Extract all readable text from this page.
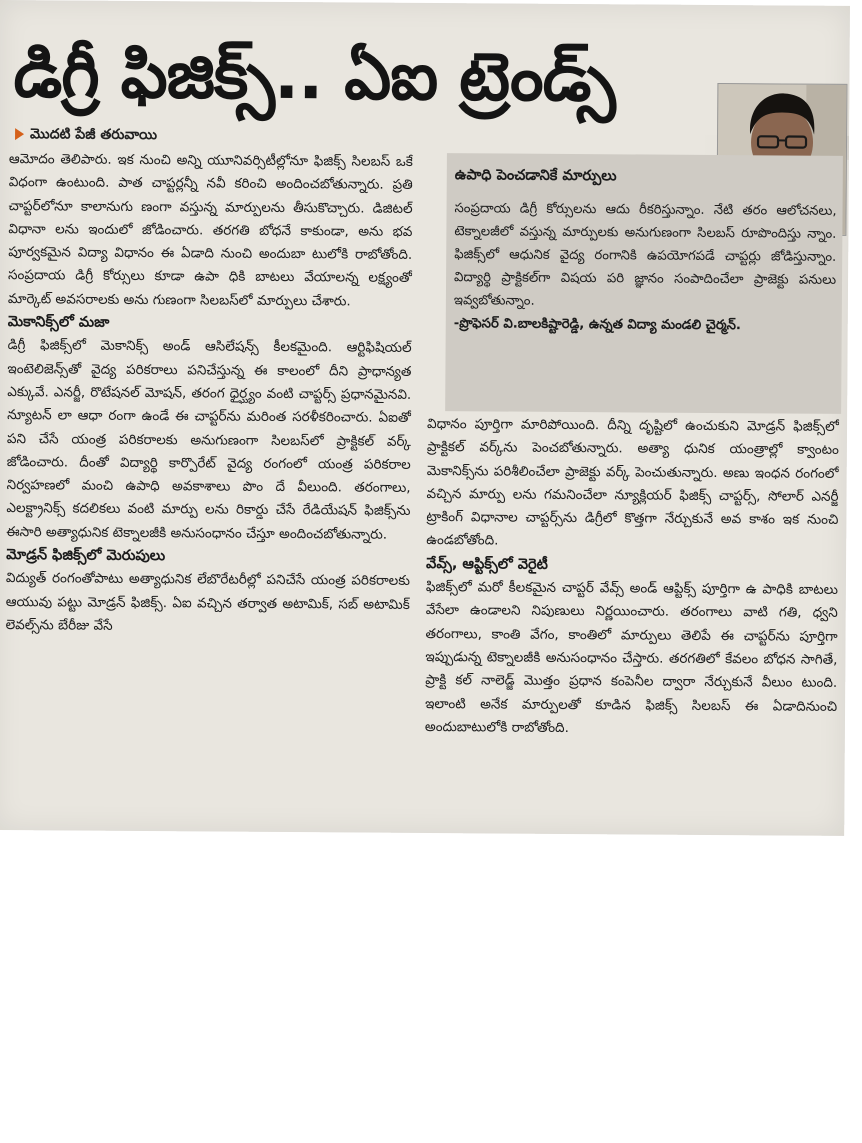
డిగ్రీ ఫిజిక్స్.. ఏఐ ట్రెండ్స్
మొదటి పేజీ తరువాయి

ఆమోదం తెలిపారు. ఇక నుంచి అన్ని యూనివర్సిటీల్లోనూ ఫిజిక్స్ సిలబస్ ఒకే విధంగా ఉంటుంది. పాత చాప్టర్లన్నీ నవీ కరించి అందించబోతున్నారు. ప్రతి చాప్టర్‌లోనూ కాలానుగు ణంగా వస్తున్న మార్పులను తీసుకొచ్చారు. డిజిటల్ విధానా లను ఇందులో జోడించారు. తరగతి బోధనే కాకుండా, అను భవ పూర్వకమైన విద్యా విధానం ఈ ఏడాది నుంచి అందుబా టులోకి రాబోతోంది. సంప్రదాయ డిగ్రీ కోర్సులు కూడా ఉపా ధికి బాటలు వేయాలన్న లక్ష్యంతో మార్కెట్ అవసరాలకు అను గుణంగా సిలబస్‌లో మార్పులు చేశారు.

మెకానిక్స్‌లో మజా

డిగ్రీ ఫిజిక్స్‌లో మెకానిక్స్ అండ్ ఆసిలేషన్స్ కీలకమైంది. ఆర్టిఫిషియల్ ఇంటెలిజెన్స్‌తో వైద్య పరికరాలు పనిచేస్తున్న ఈ కాలంలో దీని ప్రాధాన్యత ఎక్కువే. ఎనర్జీ, రొటేషనల్ మోషన్, తరంగ ధైర్ఘ్యం వంటి చాప్టర్స్ ప్రధానమైనవి. న్యూటన్ లా ఆధా రంగా ఉండే ఈ చాప్టర్‌ను మరింత సరళీకరించారు. ఏఐతో పని చేసే యంత్ర పరికరాలకు అనుగుణంగా సిలబస్‌లో ప్రాక్టికల్ వర్క్ జోడించారు. దీంతో విద్యార్థి కార్పొరేట్ వైద్య రంగంలో యంత్ర పరికరాల నిర్వహణలో మంచి ఉపాధి అవకాశాలు పొం దే వీలుంది. తరంగాలు, ఎలక్ట్రానిక్స్ కదలికలు వంటి మార్పు లను రికార్డు చేసే రేడియేషన్ ఫిజిక్స్‌ను ఈసారి అత్యాధునిక టెక్నాలజీకి అనుసంధానం చేస్తూ అందించబోతున్నారు.

మోడ్రన్ ఫిజిక్స్‌లో మెరుపులు

విద్యుత్ రంగంతోపాటు అత్యాధునిక లేబొరేటరీల్లో పనిచేసే యంత్ర పరికరాలకు ఆయువు పట్టు మోడ్రన్ ఫిజిక్స్. ఏఐ వచ్చిన తర్వాత అటామిక్, సబ్ అటామిక్ లెవల్స్‌ను బేరీజు వేసే

ఉపాధి పెంచడానికే మార్పులు
సంప్రదాయ డిగ్రీ కోర్సులను ఆదు రీకరిస్తున్నాం. నేటి తరం ఆలోచనలు, టెక్నాలజీలో వస్తున్న మార్పులకు అనుగుణంగా సిలబస్ రూపొందిస్తు న్నాం. ఫిజిక్స్‌లో ఆధునిక వైద్య రంగానికి ఉపయోగపడే చాప్టర్లు జోడిస్తున్నాం. విద్యార్థి ప్రాక్టికల్‌గా విషయ పరి జ్ఞానం సంపాదించేలా ప్రాజెక్టు పనులు ఇవ్వబోతున్నాం.
-ప్రొఫెసర్ వి.బాలకిష్టారెడ్డి, ఉన్నత విద్యా మండలి చైర్మన్.

విధానం పూర్తిగా మారిపోయింది. దీన్ని దృష్టిలో ఉంచుకుని మోడ్రన్ ఫిజిక్స్‌లో ప్రాక్టికల్ వర్క్‌ను పెంచబోతున్నారు. అత్యా ధునిక యంత్రాల్లో క్వాంటం మెకానిక్స్‌ను పరిశీలించేలా ప్రాజెక్టు వర్క్ పెంచుతున్నారు. అణు ఇంధన రంగంలో వచ్చిన మార్పు లను గమనించేలా న్యూక్లియర్ ఫిజిక్స్ చాప్టర్స్, సోలార్ ఎనర్జీ ట్రాకింగ్ విధానాల చాప్టర్స్‌ను డిగ్రీలో కొత్తగా నేర్చుకునే అవ కాశం ఇక నుంచి ఉండబోతోంది.

వేవ్స్, ఆప్టిక్స్‌లో వెరైటీ

ఫిజిక్స్‌లో మరో కీలకమైన చాప్టర్ వేవ్స్ అండ్ ఆప్టిక్స్ పూర్తిగా ఉ పాధికి బాటలు వేసేలా ఉండాలని నిపుణులు నిర్ణయించారు. తరంగాలు వాటి గతి, ధ్వని తరంగాలు, కాంతి వేగం, కాంతిలో మార్పులు తెలిపే ఈ చాప్టర్‌ను పూర్తిగా ఇప్పుడున్న టెక్నాలజీకి అనుసంధానం చేస్తారు. తరగతిలో కేవలం బోధన సాగితే, ప్రాక్టి కల్ నాలెడ్జ్ మొత్తం ప్రధాన కంపెనీల ద్వారా నేర్చుకునే వీలుం టుంది. ఇలాంటి అనేక మార్పులతో కూడిన ఫిజిక్స్ సిలబస్ ఈ ఏడాదినుంచి అందుబాటులోకి రాబోతోంది.
